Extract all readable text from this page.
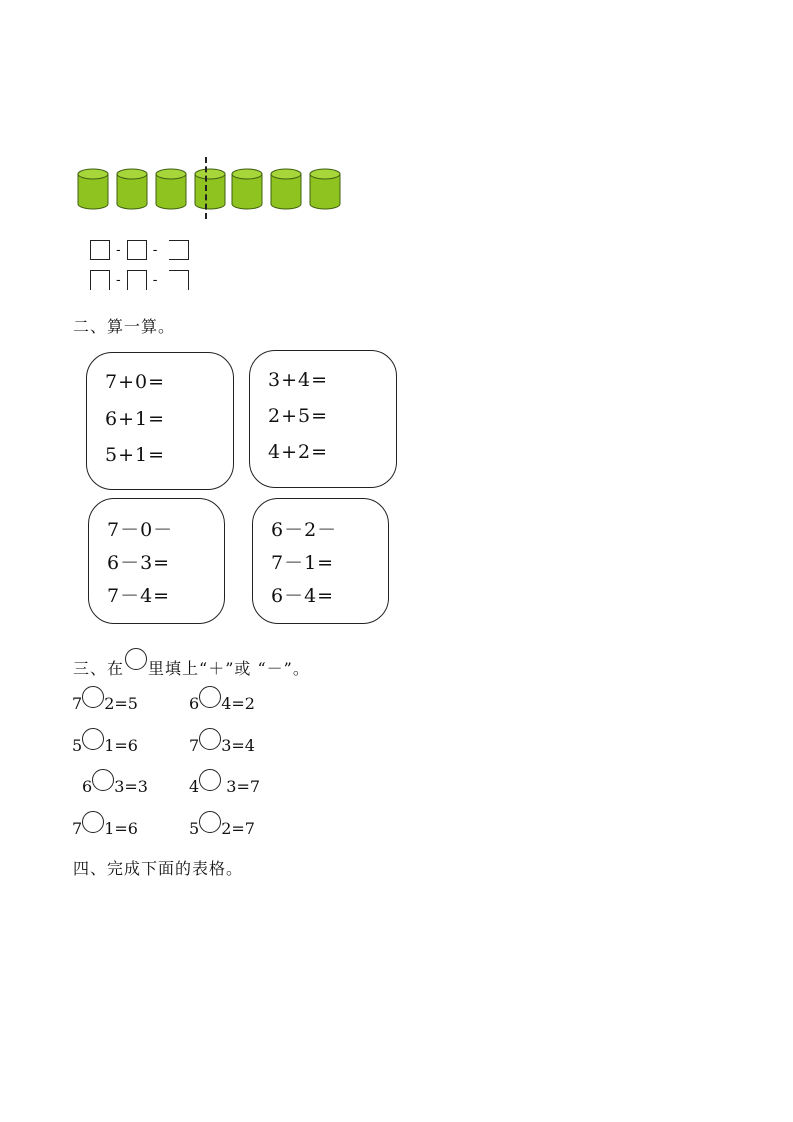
- -
- -
二、算一算。
7+0=
6+1=
5+1=
3+4=
2+5=
4+2=
7－0－
6－3=
7－4=
6－2－
7－1=
6－4=
三、在 里填上“＋”或 “－”。
7 2=5	6 4=2
5 1=6	7 3=4
6 3=3	4 3=7
7 1=6	5 2=7
四、完成下面的表格。
